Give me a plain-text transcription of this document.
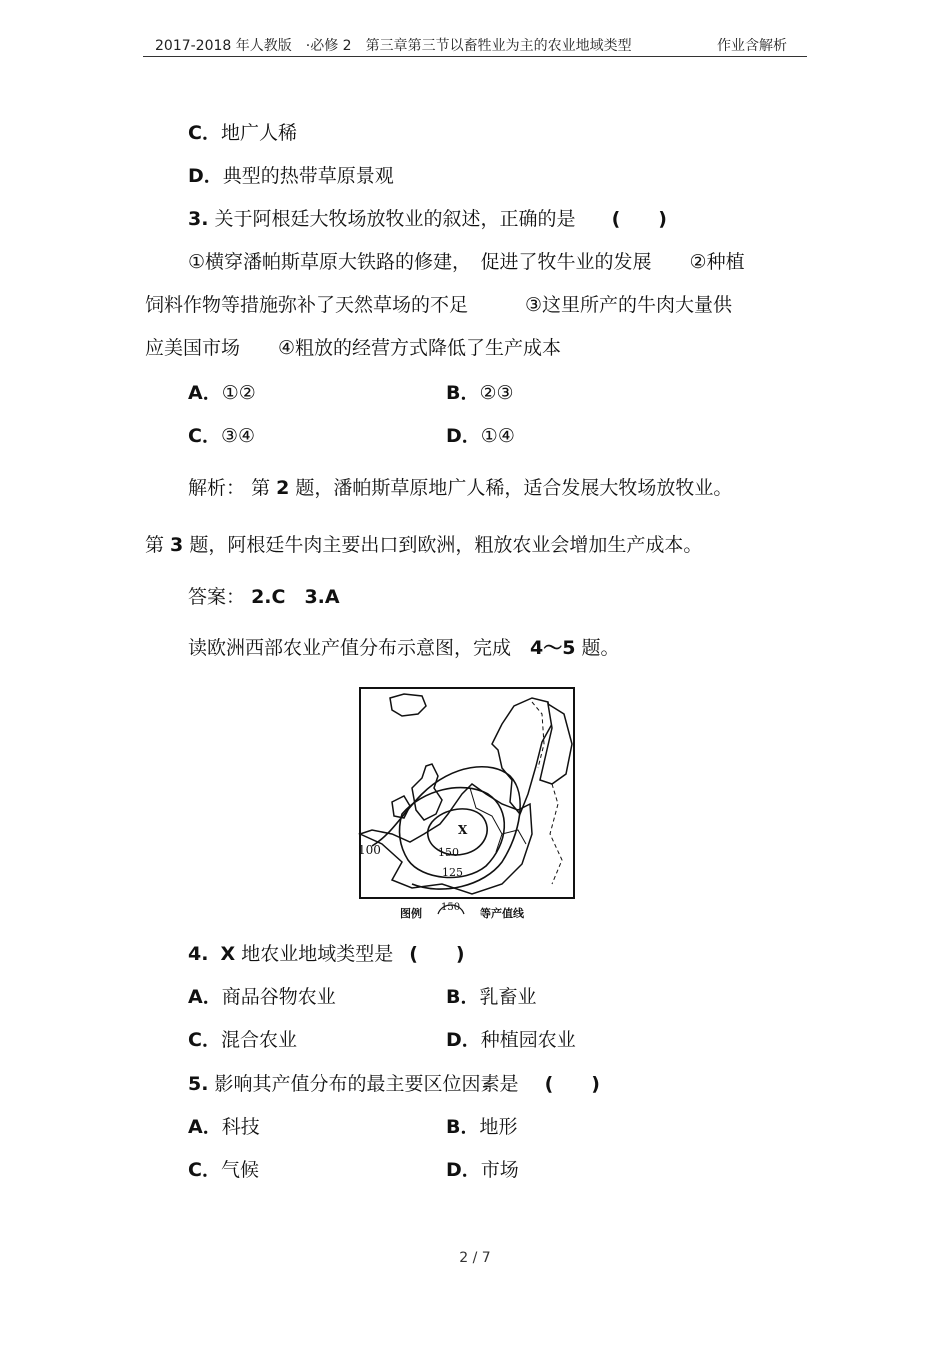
2017-2018 年人教版　·必修 2　第三章第三节以畜牲业为主的农业地域类型	作业含解析
C．地广人稀
D．典型的热带草原景观
3. 关于阿根廷大牧场放牧业的叙述，正确的是 (　　)
①横穿潘帕斯草原大铁路的修建，　促进了牧牛业的发展　　②种植
饲料作物等措施弥补了天然草场的不足　　　③这里所产的牛肉大量供
应美国市场　　④粗放的经营方式降低了生产成本
A．①②	B．②③
C．③④	D．①④
解析： 第 2 题，潘帕斯草原地广人稀，适合发展大牧场放牧业。
第 3 题，阿根廷牛肉主要出口到欧洲，粗放农业会增加生产成本。
答案： 2.C　3.A
读欧洲西部农业产值分布示意图，完成　4～5 题。
X
100	150
125
图例 150 等产值线
4. X 地农业地域类型是 (　　)
A．商品谷物农业	B．乳畜业
C．混合农业	D．种植园农业
5. 影响其产值分布的最主要区位因素是 (　　)
A．科技	B．地形
C．气候	D．市场
2 / 7
